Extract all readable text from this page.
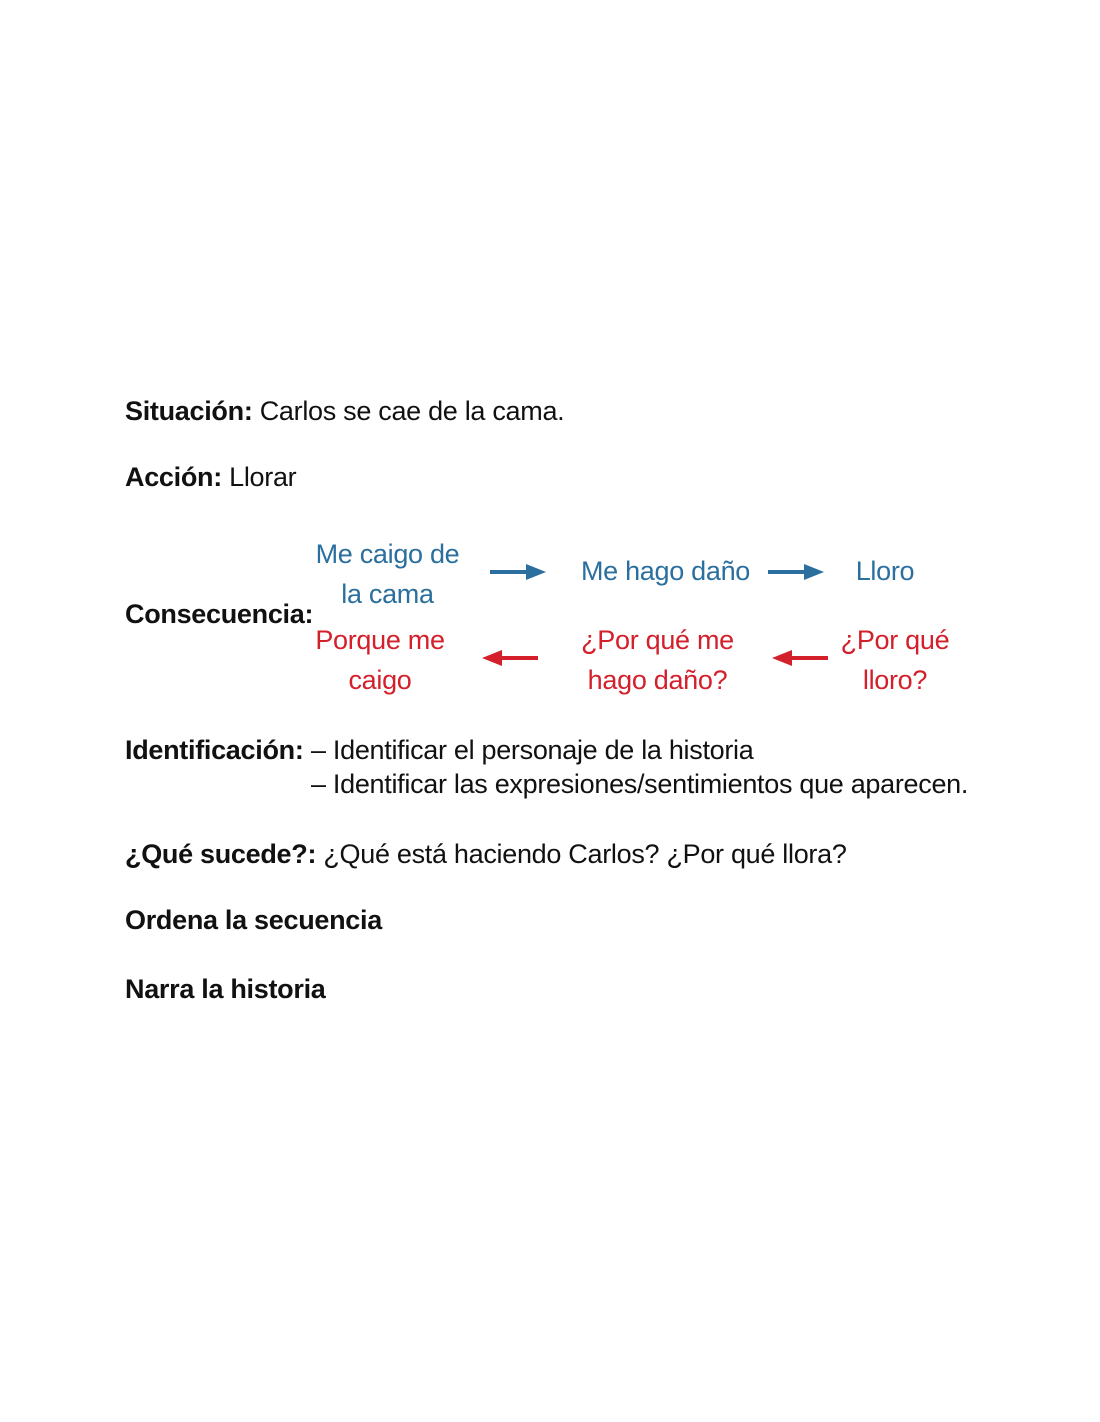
Situación: Carlos se cae de la cama.
Acción: Llorar
Consecuencia:
Me caigo de
la cama
Me hago daño	Lloro
Porque me
caigo
¿Por qué me
hago daño?
¿Por qué
lloro?
Identificación: – Identificar el personaje de la historia
– Identificar las expresiones/sentimientos que aparecen.
¿Qué sucede?: ¿Qué está haciendo Carlos? ¿Por qué llora?
Ordena la secuencia
Narra la historia
